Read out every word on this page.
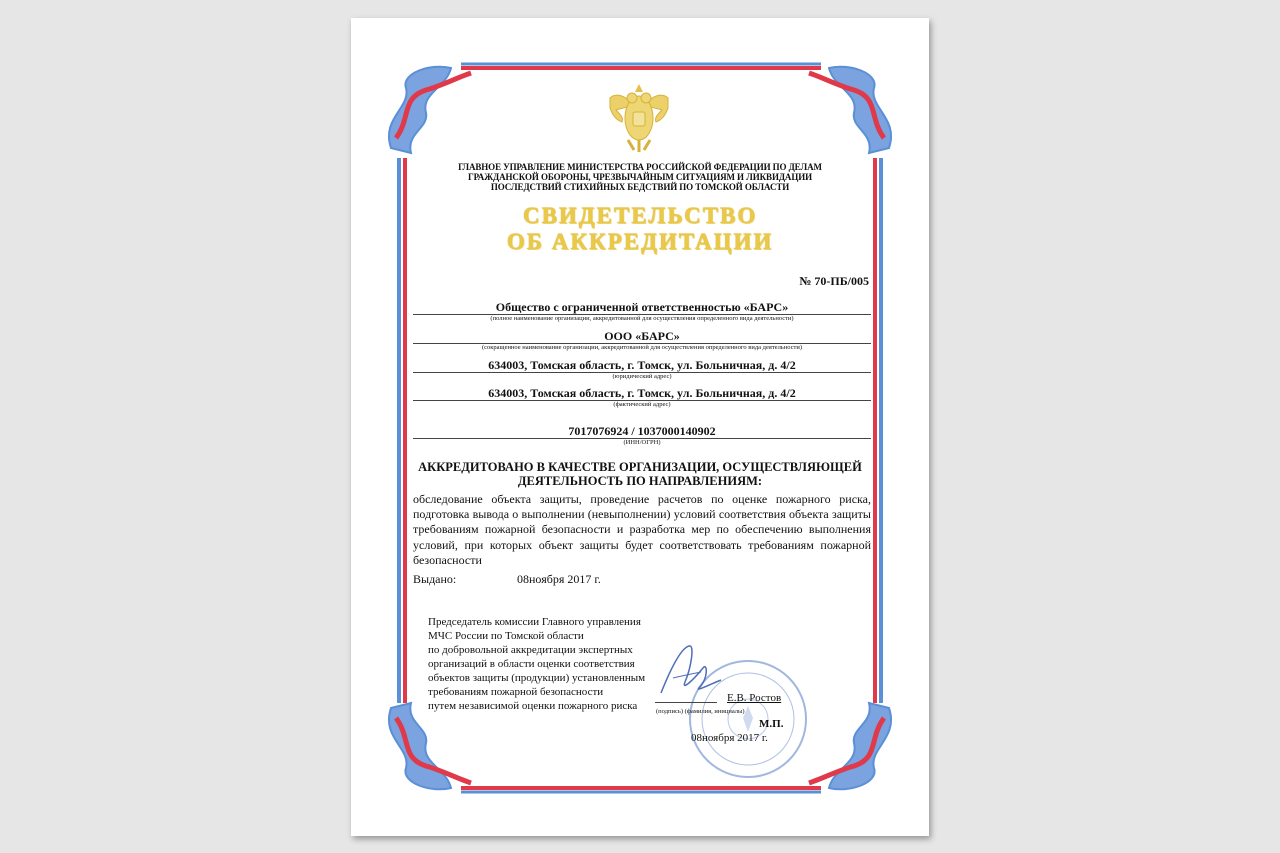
ГЛАВНОЕ УПРАВЛЕНИЕ МИНИСТЕРСТВА РОССИЙСКОЙ ФЕДЕРАЦИИ ПО ДЕЛАМ
ГРАЖДАНСКОЙ ОБОРОНЫ, ЧРЕЗВЫЧАЙНЫМ СИТУАЦИЯМ И ЛИКВИДАЦИИ
ПОСЛЕДСТВИЙ СТИХИЙНЫХ БЕДСТВИЙ ПО ТОМСКОЙ ОБЛАСТИ
СВИДЕТЕЛЬСТВО
ОБ АККРЕДИТАЦИИ
№ 70-ПБ/005
Общество с ограниченной ответственностью «БАРС»
(полное наименование организации, аккредитованной для осуществления определенного вида деятельности)
ООО «БАРС»
(сокращенное наименование организации, аккредитованной для осуществления определенного вида деятельности)
634003, Томская область, г. Томск, ул. Больничная, д. 4/2
(юридический адрес)
634003, Томская область, г. Томск, ул. Больничная, д. 4/2
(фактический адрес)
7017076924 / 1037000140902
(ИНН/ОГРН)
АККРЕДИТОВАНО В КАЧЕСТВЕ ОРГАНИЗАЦИИ, ОСУЩЕСТВЛЯЮЩЕЙ
ДЕЯТЕЛЬНОСТЬ ПО НАПРАВЛЕНИЯМ:
обследование объекта защиты, проведение расчетов по оценке пожарного риска, подготовка вывода о выполнении (невыполнении) условий соответствия объекта защиты требованиям пожарной безопасности и разработка мер по обеспечению выполнения условий, при которых объект защиты будет соответствовать требованиям пожарной безопасности
Выдано:	08ноября 2017 г.
Председатель комиссии Главного управления
МЧС России по Томской области
по добровольной аккредитации экспертных
организаций в области оценки соответствия
объектов защиты (продукции) установленным
требованиям пожарной безопасности
путем независимой оценки пожарного риска
Е.В. Ростов
(подпись) (фамилия, инициалы)
М.П.
08ноября 2017 г.
